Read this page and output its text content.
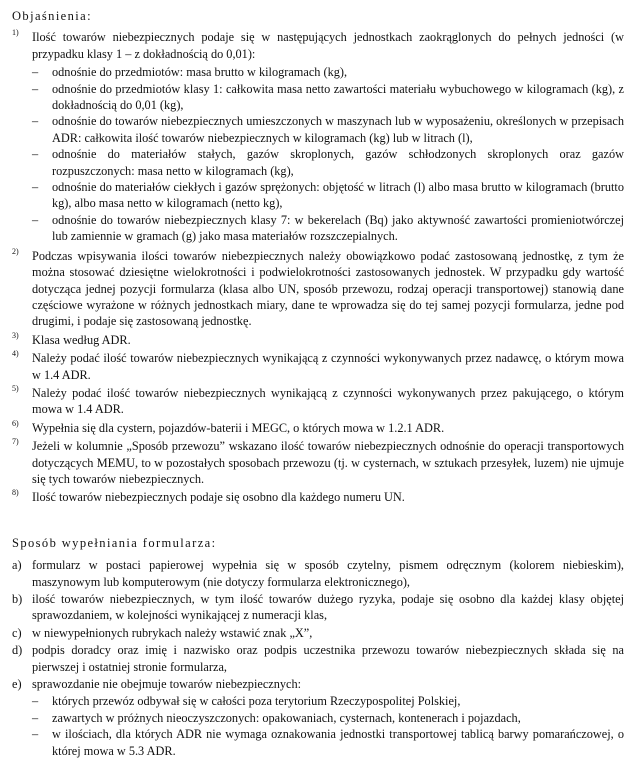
Objaśnienia:
1) Ilość towarów niebezpiecznych podaje się w następujących jednostkach zaokrąglonych do pełnych jedności (w przypadku klasy 1 – z dokładnością do 0,01):
– odnośnie do przedmiotów: masa brutto w kilogramach (kg),
– odnośnie do przedmiotów klasy 1: całkowita masa netto zawartości materiału wybuchowego w kilogramach (kg), z dokładnością do 0,01 (kg),
– odnośnie do towarów niebezpiecznych umieszczonych w maszynach lub w wyposażeniu, określonych w przepisach ADR: całkowita ilość towarów niebezpiecznych w kilogramach (kg) lub w litrach (l),
– odnośnie do materiałów stałych, gazów skroplonych, gazów schłodzonych skroplonych oraz gazów rozpuszczonych: masa netto w kilogramach (kg),
– odnośnie do materiałów ciekłych i gazów sprężonych: objętość w litrach (l) albo masa brutto w kilogramach (brutto kg), albo masa netto w kilogramach (netto kg),
– odnośnie do towarów niebezpiecznych klasy 7: w bekerelach (Bq) jako aktywność zawartości promieniotwórczej lub zamiennie w gramach (g) jako masa materiałów rozszczepialnych.
2) Podczas wpisywania ilości towarów niebezpiecznych należy obowiązkowo podać zastosowaną jednostkę, z tym że można stosować dziesiętne wielokrotności i podwielokrotności zastosowanych jednostek. W przypadku gdy wartość dotycząca jednej pozycji formularza (klasa albo UN, sposób przewozu, rodzaj operacji transportowej) stanowią dane częściowe wyrażone w różnych jednostkach miary, dane te wprowadza się do tej samej pozycji formularza, jedne pod drugimi, i podaje się zastosowaną jednostkę.
3) Klasa według ADR.
4) Należy podać ilość towarów niebezpiecznych wynikającą z czynności wykonywanych przez nadawcę, o którym mowa w 1.4 ADR.
5) Należy podać ilość towarów niebezpiecznych wynikającą z czynności wykonywanych przez pakującego, o którym mowa w 1.4 ADR.
6) Wypełnia się dla cystern, pojazdów-baterii i MEGC, o których mowa w 1.2.1 ADR.
7) Jeżeli w kolumnie „Sposób przewozu” wskazano ilość towarów niebezpiecznych odnośnie do operacji transportowych dotyczących MEMU, to w pozostałych sposobach przewozu (tj. w cysternach, w sztukach przesyłek, luzem) nie ujmuje się tych towarów niebezpiecznych.
8) Ilość towarów niebezpiecznych podaje się osobno dla każdego numeru UN.
Sposób wypełniania formularza:
a) formularz w postaci papierowej wypełnia się w sposób czytelny, pismem odręcznym (kolorem niebieskim), maszynowym lub komputerowym (nie dotyczy formularza elektronicznego),
b) ilość towarów niebezpiecznych, w tym ilość towarów dużego ryzyka, podaje się osobno dla każdej klasy objętej sprawozdaniem, w kolejności wynikającej z numeracji klas,
c) w niewypełnionych rubrykach należy wstawić znak „X”,
d) podpis doradcy oraz imię i nazwisko oraz podpis uczestnika przewozu towarów niebezpiecznych składa się na pierwszej i ostatniej stronie formularza,
e) sprawozdanie nie obejmuje towarów niebezpiecznych:
– których przewóz odbywał się w całości poza terytorium Rzeczypospolitej Polskiej,
– zawartych w próżnych nieoczyszczonych: opakowaniach, cysternach, kontenerach i pojazdach,
– w ilościach, dla których ADR nie wymaga oznakowania jednostki transportowej tablicą barwy pomarańczowej, o której mowa w 5.3 ADR.
